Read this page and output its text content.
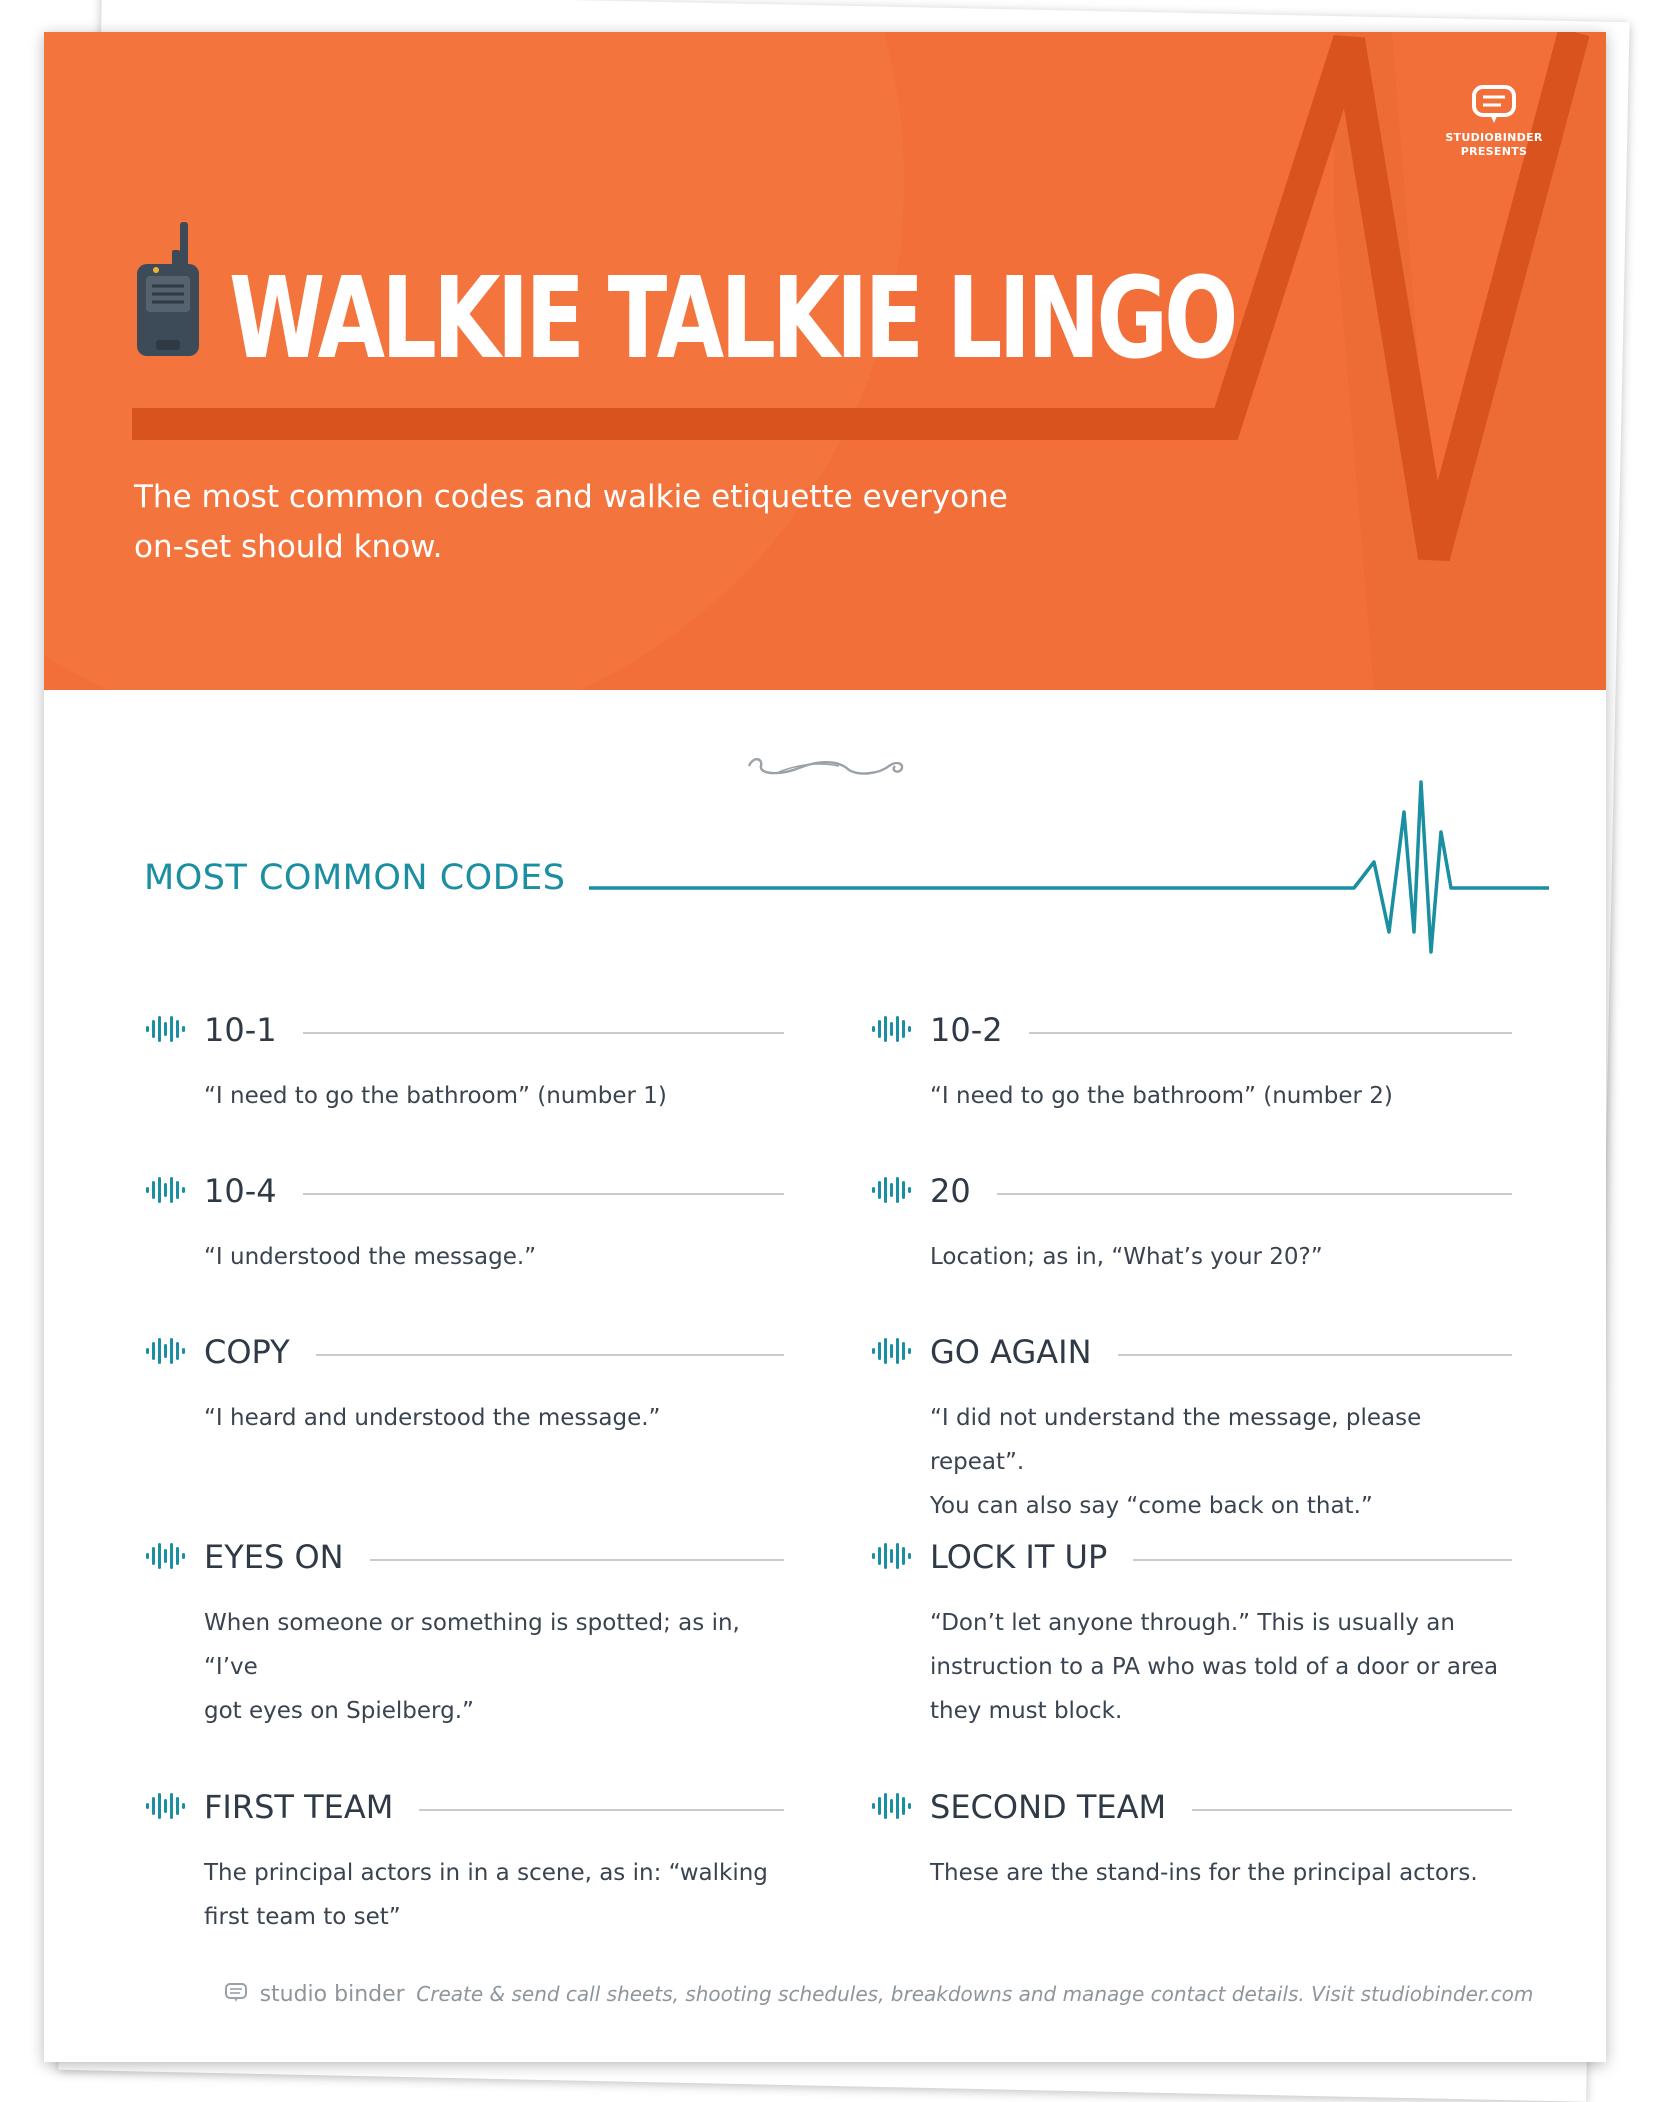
STUDIOBINDER
PRESENTS
WALKIE TALKIE LINGO

The most common codes and walkie etiquette everyone
on-set should know.

MOST COMMON CODES
10-1
“I need to go the bathroom” (number 1)
10-2
“I need to go the bathroom” (number 2)
10-4
“I understood the message.”
20
Location; as in, “What’s your 20?”
COPY
“I heard and understood the message.”
GO AGAIN
“I did not understand the message, please repeat”.
You can also say “come back on that.”
EYES ON
When someone or something is spotted; as in, “I’ve
got eyes on Spielberg.”
LOCK IT UP
“Don’t let anyone through.” This is usually an
instruction to a PA who was told of a door or area
they must block.
FIRST TEAM
The principal actors in in a scene, as in: “walking
first team to set”
SECOND TEAM
These are the stand-ins for the principal actors.
studio binder Create & send call sheets, shooting schedules, breakdowns and manage contact details. Visit studiobinder.com
